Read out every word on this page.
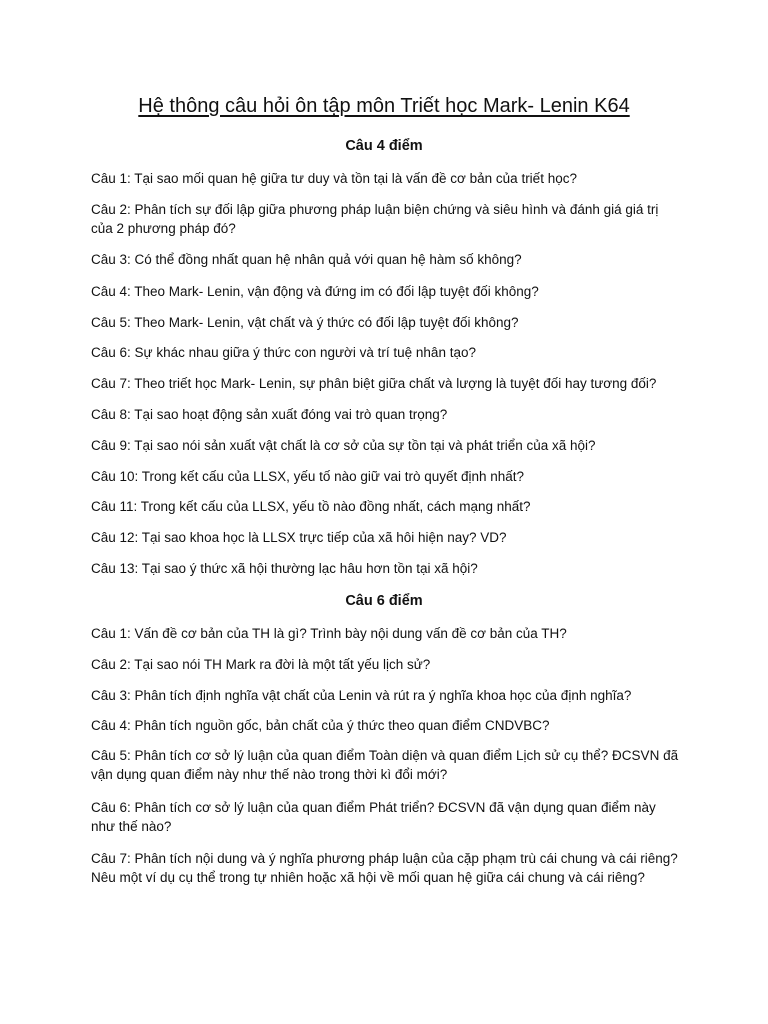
Hệ thông câu hỏi ôn tập môn Triết học Mark- Lenin K64
Câu 4 điểm
Câu 1: Tại sao mối quan hệ giữa tư duy và tồn tại là vấn đề cơ bản của triết học?
Câu 2: Phân tích sự đối lập giữa phương pháp luận biện chứng và siêu hình và đánh giá giá trị
của 2 phương pháp đó?
Câu 3: Có thể đồng nhất quan hệ nhân quả với quan hệ hàm số không?
Câu 4: Theo Mark- Lenin, vận động và đứng im có đối lập tuyệt đối không?
Câu 5: Theo Mark- Lenin, vật chất và ý thức có đối lập tuyệt đối không?
Câu 6: Sự khác nhau giữa ý thức con người và trí tuệ nhân tạo?
Câu 7: Theo triết học Mark- Lenin, sự phân biệt giữa chất và lượng là tuyệt đối hay tương đối?
Câu 8: Tại sao hoạt động sản xuất đóng vai trò quan trọng?
Câu 9: Tại sao nói sản xuất vật chất là cơ sở của sự tồn tại và phát triển của xã hội?
Câu 10: Trong kết cấu của LLSX, yếu tố nào giữ vai trò quyết định nhất?
Câu 11: Trong kết cấu của LLSX, yếu tồ nào đồng nhất, cách mạng nhất?
Câu 12: Tại sao khoa học là LLSX trực tiếp của xã hôi hiện nay? VD?
Câu 13: Tại sao ý thức xã hội thường lạc hâu hơn tồn tại xã hội?
Câu 6 điểm
Câu 1: Vấn đề cơ bản của TH là gì? Trình bày nội dung vấn đề cơ bản của TH?
Câu 2: Tại sao nói TH Mark ra đời là một tất yếu lịch sử?
Câu 3: Phân tích định nghĩa vật chất của Lenin và rút ra ý nghĩa khoa học của định nghĩa?
Câu 4: Phân tích nguồn gốc, bản chất của ý thức theo quan điểm CNDVBC?
Câu 5: Phân tích cơ sở lý luận của quan điểm Toàn diện và quan điểm Lịch sử cụ thể? ĐCSVN đã
vận dụng quan điểm này như thế nào trong thời kì đổi mới?
Câu 6: Phân tích cơ sở lý luận của quan điểm Phát triển? ĐCSVN đã vận dụng quan điểm này
như thế nào?
Câu 7: Phân tích nội dung và ý nghĩa phương pháp luận của cặp phạm trù cái chung và cái riêng?
Nêu một ví dụ cụ thể trong tự nhiên hoặc xã hội về mối quan hệ giữa cái chung và cái riêng?
